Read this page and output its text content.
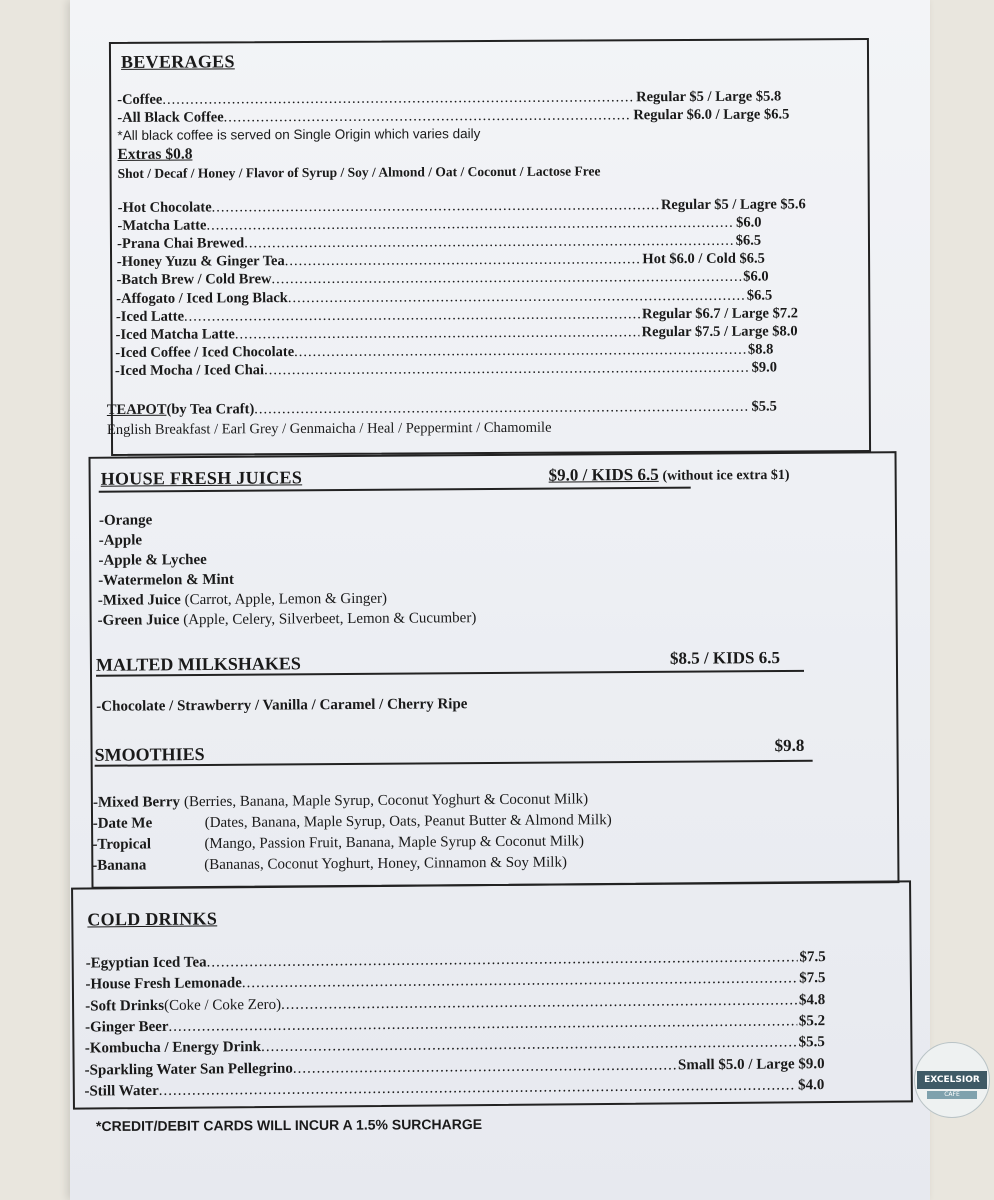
BEVERAGES
-Coffee .....	Regular $5 / Large $5.8
-All Black Coffee .....	Regular $6.0 / Large $6.5
*All black coffee is served on Single Origin which varies daily
Extras $0.8
Shot / Decaf / Honey / Flavor of Syrup / Soy / Almond / Oat / Coconut / Lactose Free
-Hot Chocolate .....	Regular $5 / Lagre $5.6
-Matcha Latte .....	$6.0
-Prana Chai Brewed .....	$6.5
-Honey Yuzu & Ginger Tea .....	Hot $6.0 / Cold $6.5
-Batch Brew / Cold Brew .....	$6.0
-Affogato / Iced Long Black .....	$6.5
-Iced Latte .....	Regular $6.7 / Large $7.2
-Iced Matcha Latte .....	Regular $7.5 / Large $8.0
-Iced Coffee / Iced Chocolate .....	$8.8
-Iced Mocha / Iced Chai .....	$9.0
TEAPOT (by Tea Craft) .....	$5.5
English Breakfast / Earl Grey / Genmaicha / Heal / Peppermint / Chamomile
HOUSE FRESH JUICES	$9.0 / KIDS 6.5 (without ice extra $1)
-Orange
-Apple
-Apple & Lychee
-Watermelon & Mint
-Mixed Juice (Carrot, Apple, Lemon & Ginger)
-Green Juice (Apple, Celery, Silverbeet, Lemon & Cucumber)
MALTED MILKSHAKES	$8.5 / KIDS 6.5
-Chocolate / Strawberry / Vanilla / Caramel / Cherry Ripe
SMOOTHIES	$9.8
-Mixed Berry (Berries, Banana, Maple Syrup, Coconut Yoghurt & Coconut Milk)
-Date Me	(Dates, Banana, Maple Syrup, Oats, Peanut Butter & Almond Milk)
-Tropical	(Mango, Passion Fruit, Banana, Maple Syrup & Coconut Milk)
-Banana	(Bananas, Coconut Yoghurt, Honey, Cinnamon & Soy Milk)
COLD DRINKS
-Egyptian Iced Tea .....	$7.5
-House Fresh Lemonade .....	$7.5
-Soft Drinks (Coke / Coke Zero) .....	$4.8
-Ginger Beer .....	$5.2
-Kombucha / Energy Drink .....	$5.5
-Sparkling Water San Pellegrino .....	Small $5.0 / Large $9.0
-Still Water .....	$4.0
*CREDIT/DEBIT CARDS WILL INCUR A 1.5% SURCHARGE
EXCELSIOR
CAFE
